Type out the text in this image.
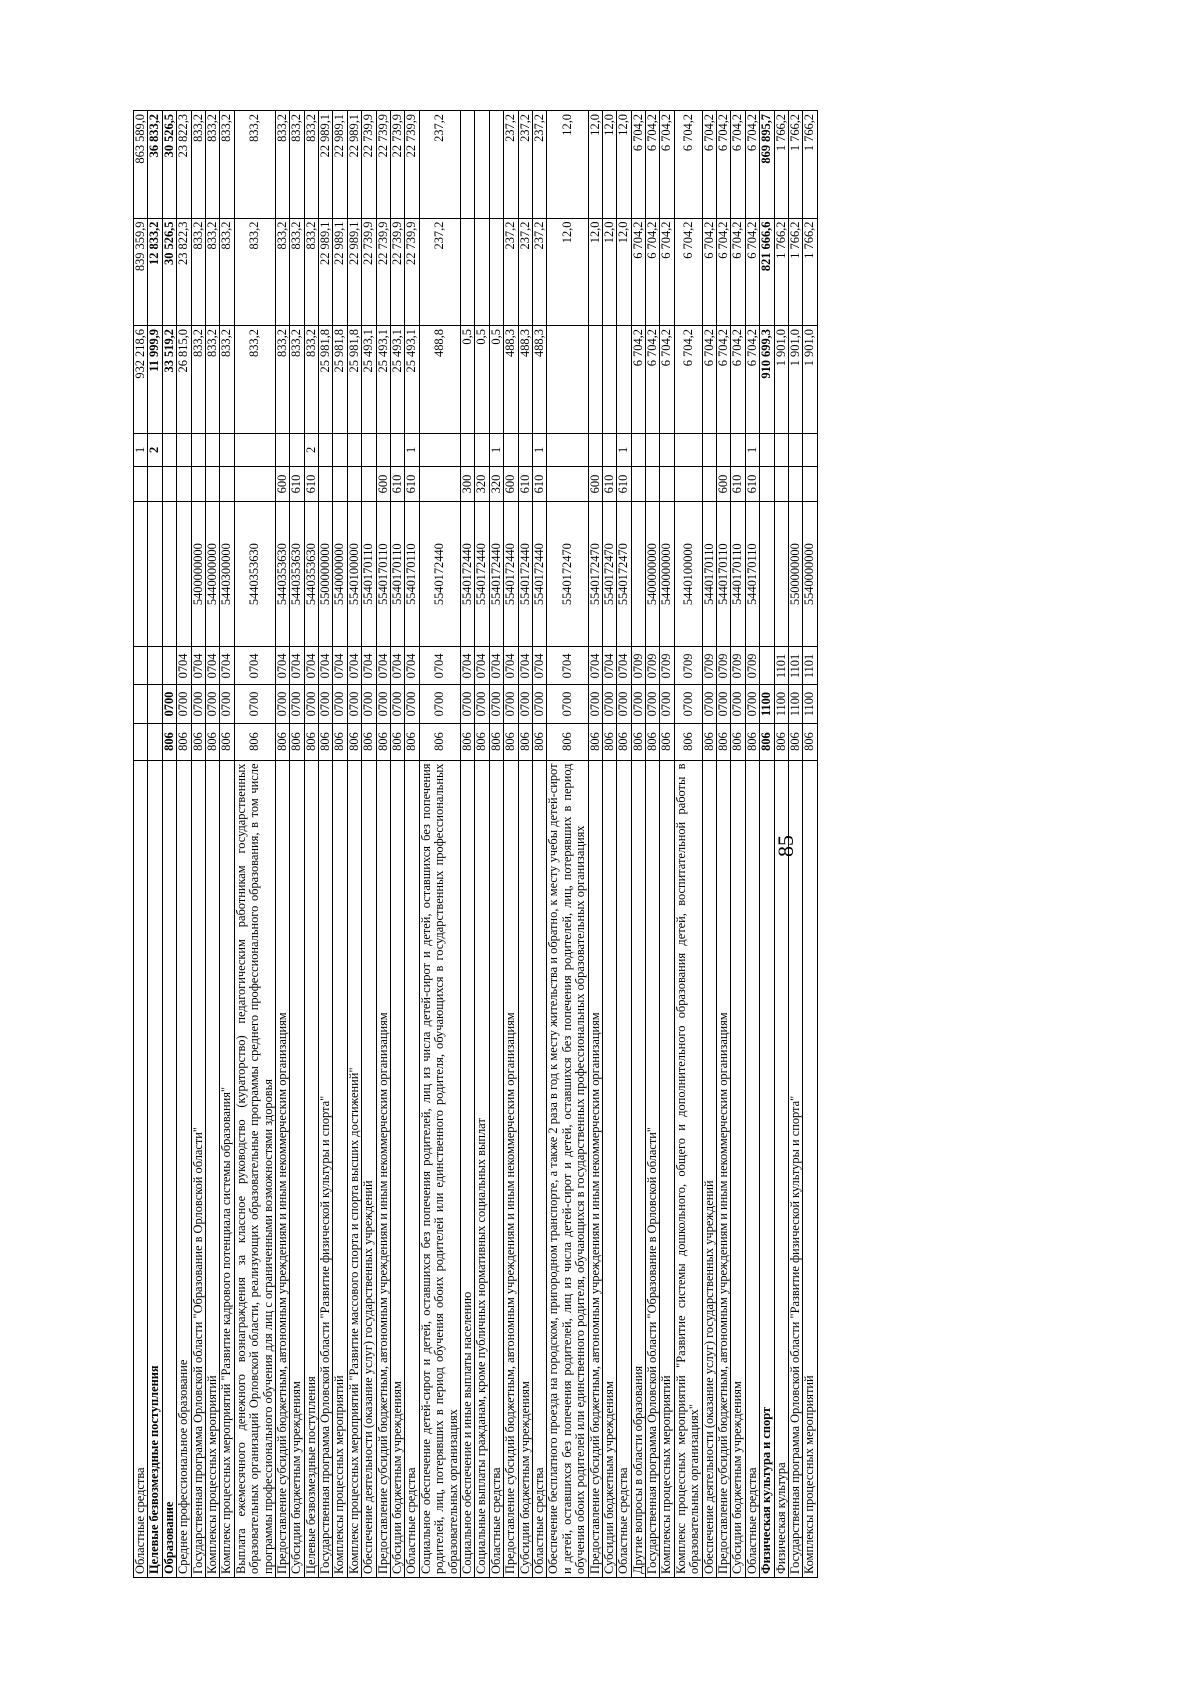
85
Областные средства						1	932 218,6	839 359,9	863 589,0
Целевые безвозмездные поступления						2	11 999,9	12 833,2	36 833,2
Образование	806	0700					33 519,2	30 526,5	30 526,5
Среднее профессиональное образование	806	0700	0704				26 815,0	23 822,3	23 822,3
Государственная программа Орловской области "Образование в Орловской области"	806	0700	0704	5400000000			833,2	833,2	833,2
Комплексы процессных мероприятий	806	0700	0704	5440000000			833,2	833,2	833,2
Комплекс процессных мероприятий "Развитие кадрового потенциала системы образования"	806	0700	0704	5440300000			833,2	833,2	833,2
Выплата ежемесячного денежного вознаграждения за классное руководство (кураторство) педагогическим работникам государственных образовательных организаций Орловской области, реализующих образовательные программы среднего профессионального образования, в том числе программы профессионального обучения для лиц с ограниченными возможностями здоровья	806	0700	0704	5440353630			833,2	833,2	833,2
Предоставление субсидий бюджетным, автономным учреждениям и иным некоммерческим организациям	806	0700	0704	5440353630	600		833,2	833,2	833,2
Субсидии бюджетным учреждениям	806	0700	0704	5440353630	610		833,2	833,2	833,2
Целевые безвозмездные поступления	806	0700	0704	5440353630	610	2	833,2	833,2	833,2
Государственная программа Орловской области "Развитие физической культуры и спорта"	806	0700	0704	5500000000			25 981,8	22 989,1	22 989,1
Комплексы процессных мероприятий	806	0700	0704	5540000000			25 981,8	22 989,1	22 989,1
Комплекс процессных мероприятий "Развитие массового спорта и спорта высших достижений"	806	0700	0704	5540100000			25 981,8	22 989,1	22 989,1
Обеспечение деятельности (оказание услуг) государственных учреждений	806	0700	0704	5540170110			25 493,1	22 739,9	22 739,9
Предоставление субсидий бюджетным, автономным учреждениям и иным некоммерческим организациям	806	0700	0704	5540170110	600		25 493,1	22 739,9	22 739,9
Субсидии бюджетным учреждениям	806	0700	0704	5540170110	610		25 493,1	22 739,9	22 739,9
Областные средства	806	0700	0704	5540170110	610	1	25 493,1	22 739,9	22 739,9
Социальное обеспечение детей-сирот и детей, оставшихся без попечения родителей, лиц из числа детей-сирот и детей, оставшихся без попечения родителей, лиц, потерявших в период обучения обоих родителей или единственного родителя, обучающихся в государственных профессиональных образовательных организациях	806	0700	0704	5540172440			488,8	237,2	237,2
Социальное обеспечение и иные выплаты населению	806	0700	0704	5540172440	300		0,5		
Социальные выплаты гражданам, кроме публичных нормативных социальных выплат	806	0700	0704	5540172440	320		0,5		
Областные средства	806	0700	0704	5540172440	320	1	0,5		
Предоставление субсидий бюджетным, автономным учреждениям и иным некоммерческим организациям	806	0700	0704	5540172440	600		488,3	237,2	237,2
Субсидии бюджетным учреждениям	806	0700	0704	5540172440	610		488,3	237,2	237,2
Областные средства	806	0700	0704	5540172440	610	1	488,3	237,2	237,2
Обеспечение бесплатного проезда на городском, пригородном транспорте, а также 2 раза в год к месту жительства и обратно, к месту учебы детей-сирот и детей, оставшихся без попечения родителей, лиц из числа детей-сирот и детей, оставшихся без попечения родителей, лиц, потерявших в период обучения обоих родителей или единственного родителя, обучающихся в государственных профессиональных образовательных организациях	806	0700	0704	5540172470				12,0	12,0
Предоставление субсидий бюджетным, автономным учреждениям и иным некоммерческим организациям	806	0700	0704	5540172470	600			12,0	12,0
Субсидии бюджетным учреждениям	806	0700	0704	5540172470	610			12,0	12,0
Областные средства	806	0700	0704	5540172470	610	1		12,0	12,0
Другие вопросы в области образования	806	0700	0709				6 704,2	6 704,2	6 704,2
Государственная программа Орловской области "Образование в Орловской области"	806	0700	0709	5400000000			6 704,2	6 704,2	6 704,2
Комплексы процессных мероприятий	806	0700	0709	5440000000			6 704,2	6 704,2	6 704,2
Комплекс процессных мероприятий "Развитие системы дошкольного, общего и дополнительного образования детей, воспитательной работы в образовательных организациях"	806	0700	0709	5440100000			6 704,2	6 704,2	6 704,2
Обеспечение деятельности (оказание услуг) государственных учреждений	806	0700	0709	5440170110			6 704,2	6 704,2	6 704,2
Предоставление субсидий бюджетным, автономным учреждениям и иным некоммерческим организациям	806	0700	0709	5440170110	600		6 704,2	6 704,2	6 704,2
Субсидии бюджетным учреждениям	806	0700	0709	5440170110	610		6 704,2	6 704,2	6 704,2
Областные средства	806	0700	0709	5440170110	610	1	6 704,2	6 704,2	6 704,2
Физическая культура и спорт	806	1100					910 699,3	821 666,6	869 895,7
Физическая культура	806	1100	1101				1 901,0	1 766,2	1 766,2
Государственная программа Орловской области "Развитие физической культуры и спорта"	806	1100	1101	5500000000			1 901,0	1 766,2	1 766,2
Комплексы процессных мероприятий	806	1100	1101	5540000000			1 901,0	1 766,2	1 766,2
